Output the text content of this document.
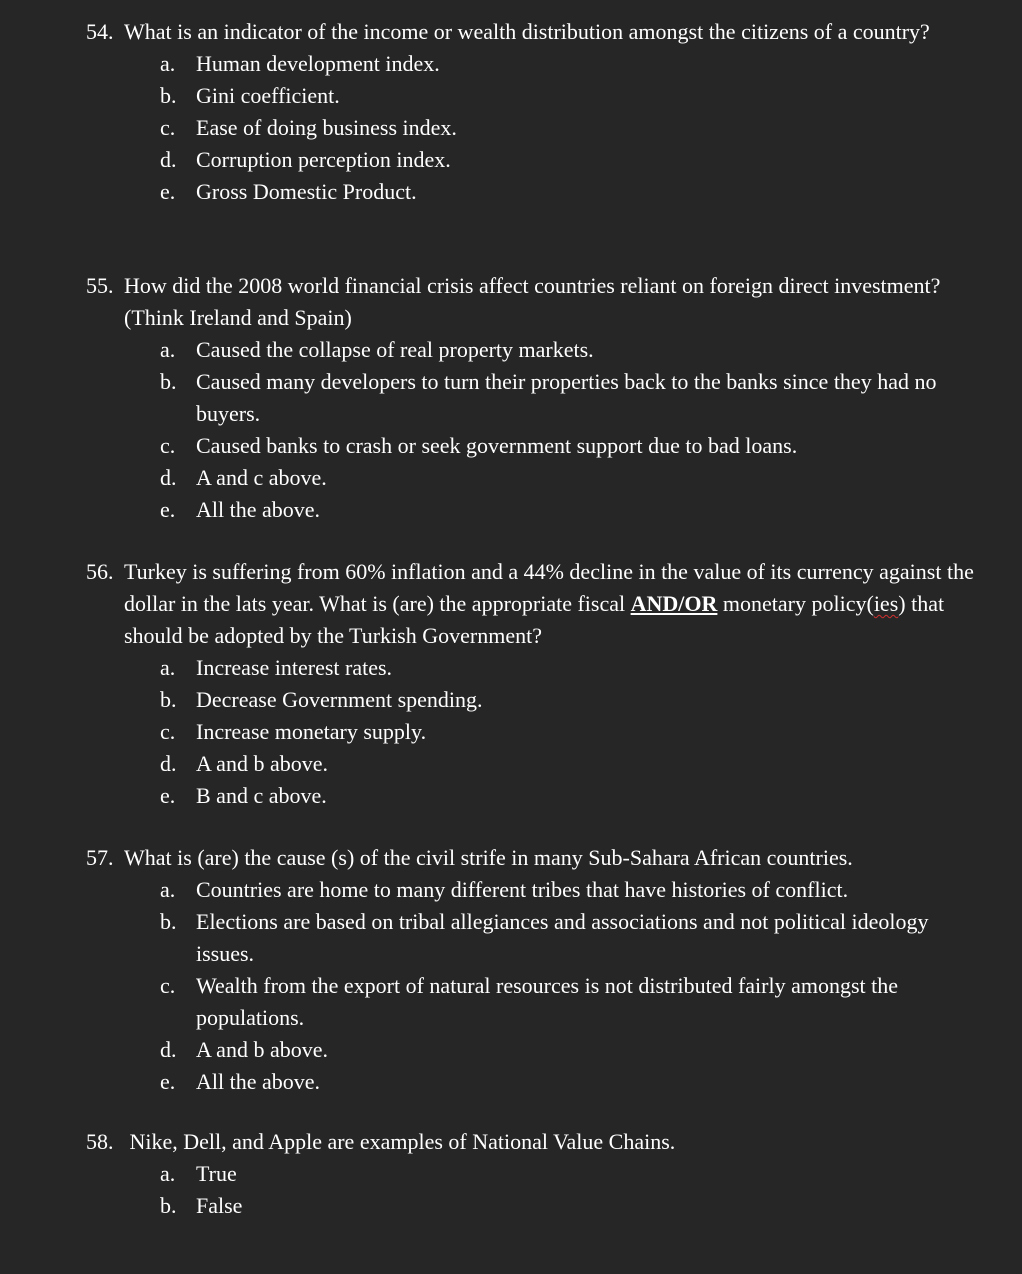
54. What is an indicator of the income or wealth distribution amongst the citizens of a country?
a. Human development index.
b. Gini coefficient.
c. Ease of doing business index.
d. Corruption perception index.
e. Gross Domestic Product.
55. How did the 2008 world financial crisis affect countries reliant on foreign direct investment? (Think Ireland and Spain)
a. Caused the collapse of real property markets.
b. Caused many developers to turn their properties back to the banks since they had no buyers.
c. Caused banks to crash or seek government support due to bad loans.
d. A and c above.
e. All the above.
56. Turkey is suffering from 60% inflation and a 44% decline in the value of its currency against the dollar in the lats year. What is (are) the appropriate fiscal AND/OR monetary policy(ies) that should be adopted by the Turkish Government?
a. Increase interest rates.
b. Decrease Government spending.
c. Increase monetary supply.
d. A and b above.
e. B and c above.
57. What is (are) the cause (s) of the civil strife in many Sub-Sahara African countries.
a. Countries are home to many different tribes that have histories of conflict.
b. Elections are based on tribal allegiances and associations and not political ideology issues.
c. Wealth from the export of natural resources is not distributed fairly amongst the populations.
d. A and b above.
e. All the above.
58. Nike, Dell, and Apple are examples of National Value Chains.
a. True
b. False
